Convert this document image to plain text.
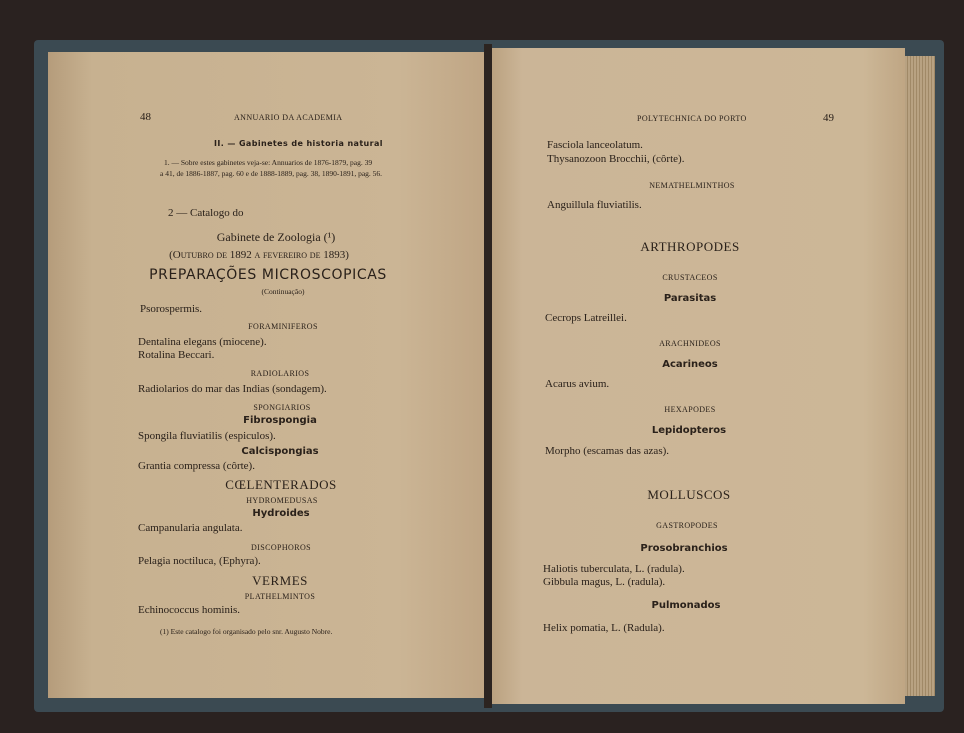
48	ANNUARIO DA ACADEMIA
II. — Gabinetes de historia natural
1. — Sobre estes gabinetes veja-se: Annuarios de 1876-1879, pag. 39
a 41, de 1886-1887, pag. 60 e de 1888-1889, pag. 38, 1890-1891, pag. 56.
2 — Catalogo do
Gabinete de Zoologia (¹)
(Outubro de 1892 a fevereiro de 1893)
PREPARAÇÕES MICROSCOPICAS
(Continuação)
Psorospermis.
FORAMINIFEROS
Dentalina elegans (miocene).
Rotalina Beccari.
RADIOLARIOS
Radiolarios do mar das Indias (sondagem).
SPONGIARIOS
Fibrospongia
Spongila fluviatilis (espiculos).
Calcispongias
Grantia compressa (côrte).
CŒLENTERADOS
HYDROMEDUSAS
Hydroides
Campanularia angulata.
DISCOPHOROS
Pelagia noctiluca, (Ephyra).
VERMES
PLATHELMINTOS
Echinococcus hominis.
(1) Este catalogo foi organisado pelo snr. Augusto Nobre.
POLYTECHNICA DO PORTO	49
Fasciola lanceolatum.
Thysanozoon Brocchii, (côrte).
NEMATHELMINTHOS
Anguillula fluviatilis.
ARTHROPODES
CRUSTACEOS
Parasitas
Cecrops Latreillei.
ARACHNIDEOS
Acarineos
Acarus avium.
HEXAPODES
Lepidopteros
Morpho (escamas das azas).
MOLLUSCOS
GASTROPODES
Prosobranchios
Haliotis tuberculata, L. (radula).
Gibbula magus, L. (radula).
Pulmonados
Helix pomatia, L. (Radula).
